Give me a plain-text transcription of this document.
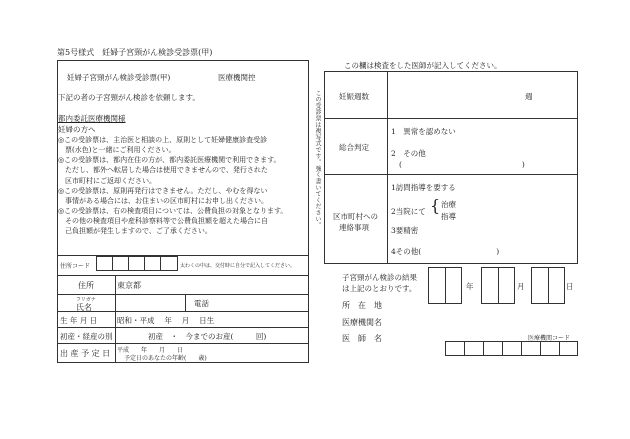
第5号様式　妊婦子宮頸がん検診受診票(甲)
妊婦子宮頸がん検診受診票(甲)	医療機関控
下記の者の子宮頸がん検診を依頼します。
都内委託医療機関様
妊婦の方へ
◎この受診票は、主治医と相談の上、原則として妊婦健康診査受診
　票(水色)と一緒にご利用ください。
◎この受診票は、都内在住の方が、都内委託医療機関で利用できます。
　ただし、都外へ転居した場合は使用できませんので、発行された
　区市町村にご返却ください。
◎この受診票は、原則再発行はできません。ただし、やむを得ない
　事情がある場合には、お住まいの区市町村にお申し出ください。
◎この受診票は、右の検査項目については、公費負担の対象となります。
　その他の検査項目や産科診察料等で公費負担額を超えた場合に自
　己負担額が発生しますので、ご了承ください。
住所コード	太わくの中は、交付時に自分で記入してください。
住所	東京都
フリガナ
氏名	電話
生 年 月 日	昭和・平成　 年　 月　 日生
初産・経産の別	初産　・　今までのお産(　　　回)
出 産 予 定 日 平成　　年　　月　　日
予定日のあなたの年齢(　　歳)
この受診票は複写式です。強く書いてください。
この欄は検査をした医師が記入してください。
妊娠週数	週
総合判定
1　異常を認めない
2　その他
(　　　　　　　　　　　　　　　　)
区市町村への
連絡事項
1訪問指導を要する
2当院にて { 治療
指導
3要精密
4その他(　　　　　　　　　　)
子宮頸がん検診の結果
は上記のとおりです。	年	月	日
所　在　地
医療機関名
医　師　名	医療機関コード
